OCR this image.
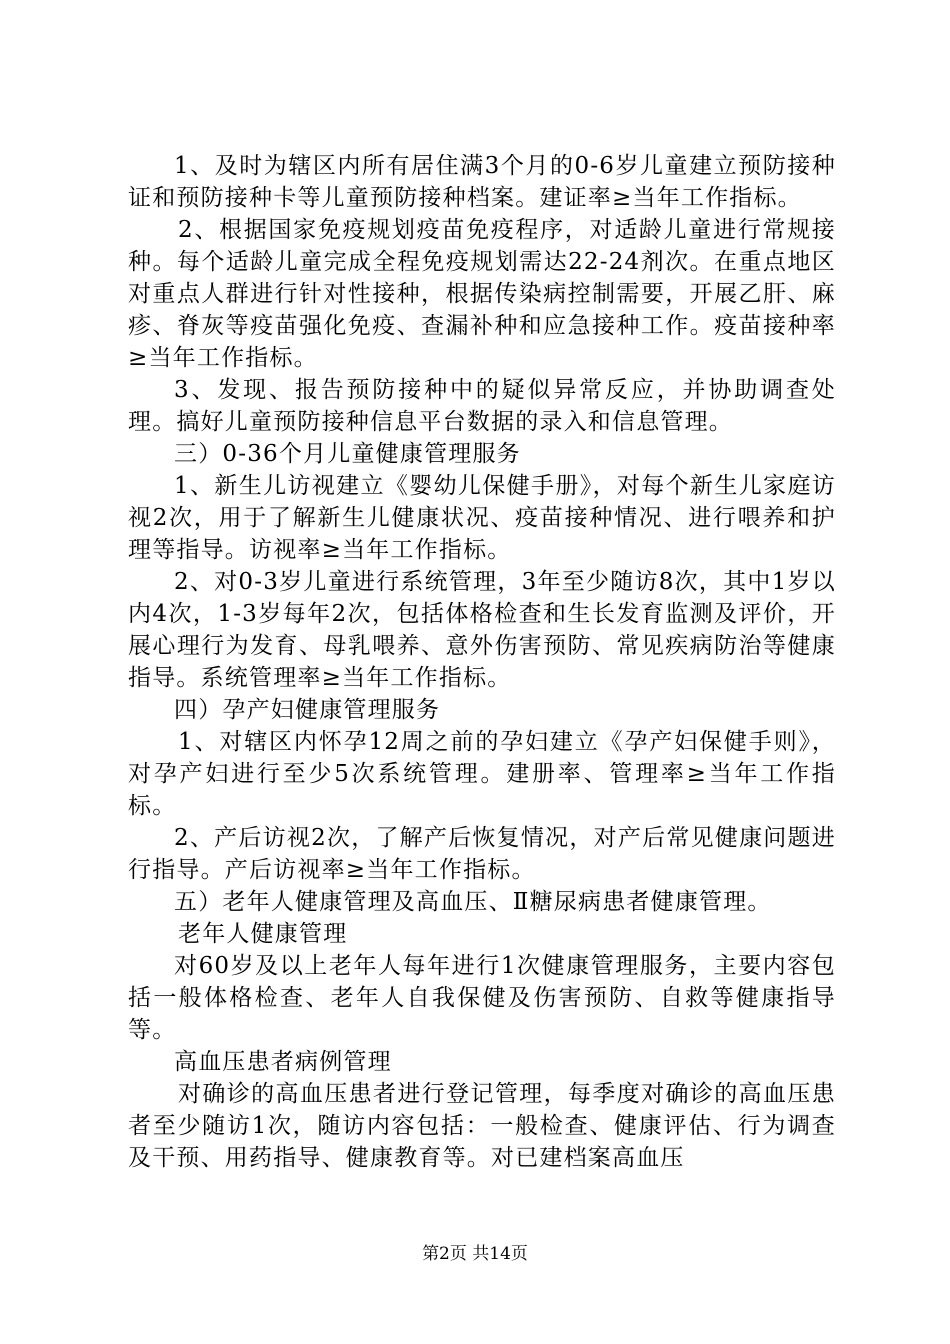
1、及时为辖区内所有居住满3个月的0-6岁儿童建立预防接种证和预防接种卡等儿童预防接种档案。建证率≥当年工作指标。

2、根据国家免疫规划疫苗免疫程序，对适龄儿童进行常规接种。每个适龄儿童完成全程免疫规划需达22-24剂次。在重点地区对重点人群进行针对性接种，根据传染病控制需要，开展乙肝、麻疹、脊灰等疫苗强化免疫、查漏补种和应急接种工作。疫苗接种率≥当年工作指标。

3、发现、报告预防接种中的疑似异常反应，并协助调查处理。搞好儿童预防接种信息平台数据的录入和信息管理。

三）0-36个月儿童健康管理服务

1、新生儿访视建立《婴幼儿保健手册》，对每个新生儿家庭访视2次，用于了解新生儿健康状况、疫苗接种情况、进行喂养和护理等指导。访视率≥当年工作指标。

2、对0-3岁儿童进行系统管理，3年至少随访8次，其中1岁以内4次，1-3岁每年2次，包括体格检查和生长发育监测及评价，开展心理行为发育、母乳喂养、意外伤害预防、常见疾病防治等健康指导。系统管理率≥当年工作指标。

四）孕产妇健康管理服务

1、对辖区内怀孕12周之前的孕妇建立《孕产妇保健手则》，对孕产妇进行至少5次系统管理。建册率、管理率≥当年工作指标。

2、产后访视2次，了解产后恢复情况，对产后常见健康问题进行指导。产后访视率≥当年工作指标。

五）老年人健康管理及高血压、Ⅱ糖尿病患者健康管理。

老年人健康管理

对60岁及以上老年人每年进行1次健康管理服务，主要内容包括一般体格检查、老年人自我保健及伤害预防、自救等健康指导等。

高血压患者病例管理

对确诊的高血压患者进行登记管理，每季度对确诊的高血压患者至少随访1次，随访内容包括：一般检查、健康评估、行为调查及干预、用药指导、健康教育等。对已建档案高血压

第2页 共14页
